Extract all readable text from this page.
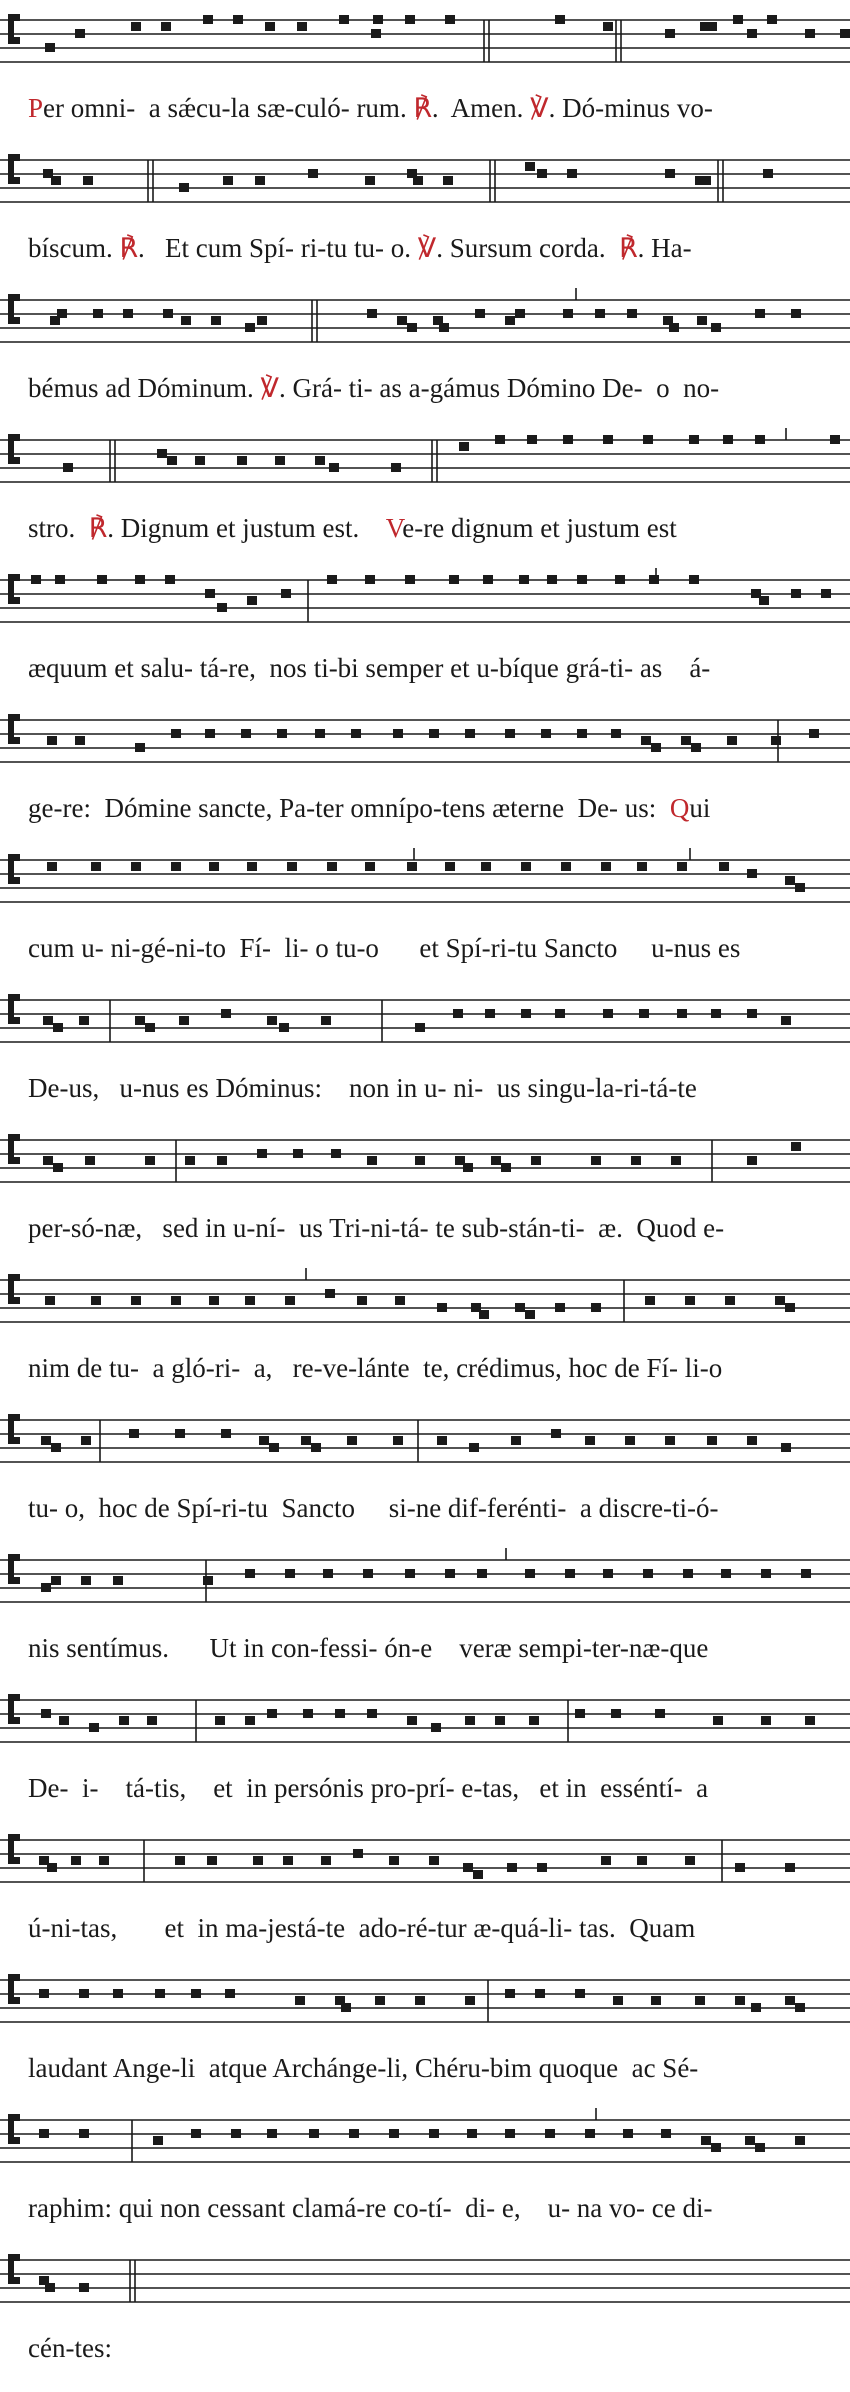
Per omni-  a sǽcu-la sæ-culó- rum. ℟.  Amen. ℣. Dó-minus vo-
bíscum. ℟.   Et cum Spí- ri-tu tu- o. ℣. Sursum corda.  ℟. Ha-
bémus ad Dóminum. ℣. Grá- ti- as a-gámus Dómino De-  o  no-
stro.  ℟. Dignum et justum est.    Ve-re dignum et justum est
æquum et salu- tá-re,  nos ti-bi semper et u-bíque grá-ti- as    á-
ge-re:  Dómine sancte, Pa-ter omnípo-tens æterne  De- us:  Qui
cum u- ni-gé-ni-to  Fí-  li- o tu-o      et Spí-ri-tu Sancto     u-nus es
De-us,   u-nus es Dóminus:    non in u- ni-  us singu-la-ri-tá-te
per-só-næ,   sed in u-ní-  us Tri-ni-tá- te sub-stán-ti-  æ.  Quod e-
nim de tu-  a gló-ri-  a,   re-ve-lánte  te, crédimus, hoc de Fí- li-o
tu- o,  hoc de Spí-ri-tu  Sancto     si-ne dif-ferénti-  a discre-ti-ó-
nis sentímus.      Ut in con-fessi- ón-e    veræ sempi-ter-næ-que
De-  i-    tá-tis,    et  in persónis pro-prí- e-tas,   et in  esséntí-  a
ú-ni-tas,       et  in ma-jestá-te  ado-ré-tur æ-quá-li- tas.  Quam
laudant Ange-li  atque Archánge-li, Chéru-bim quoque  ac Sé-
raphim: qui non cessant clamá-re co-tí-  di- e,    u- na vo- ce di-
cén-tes:
